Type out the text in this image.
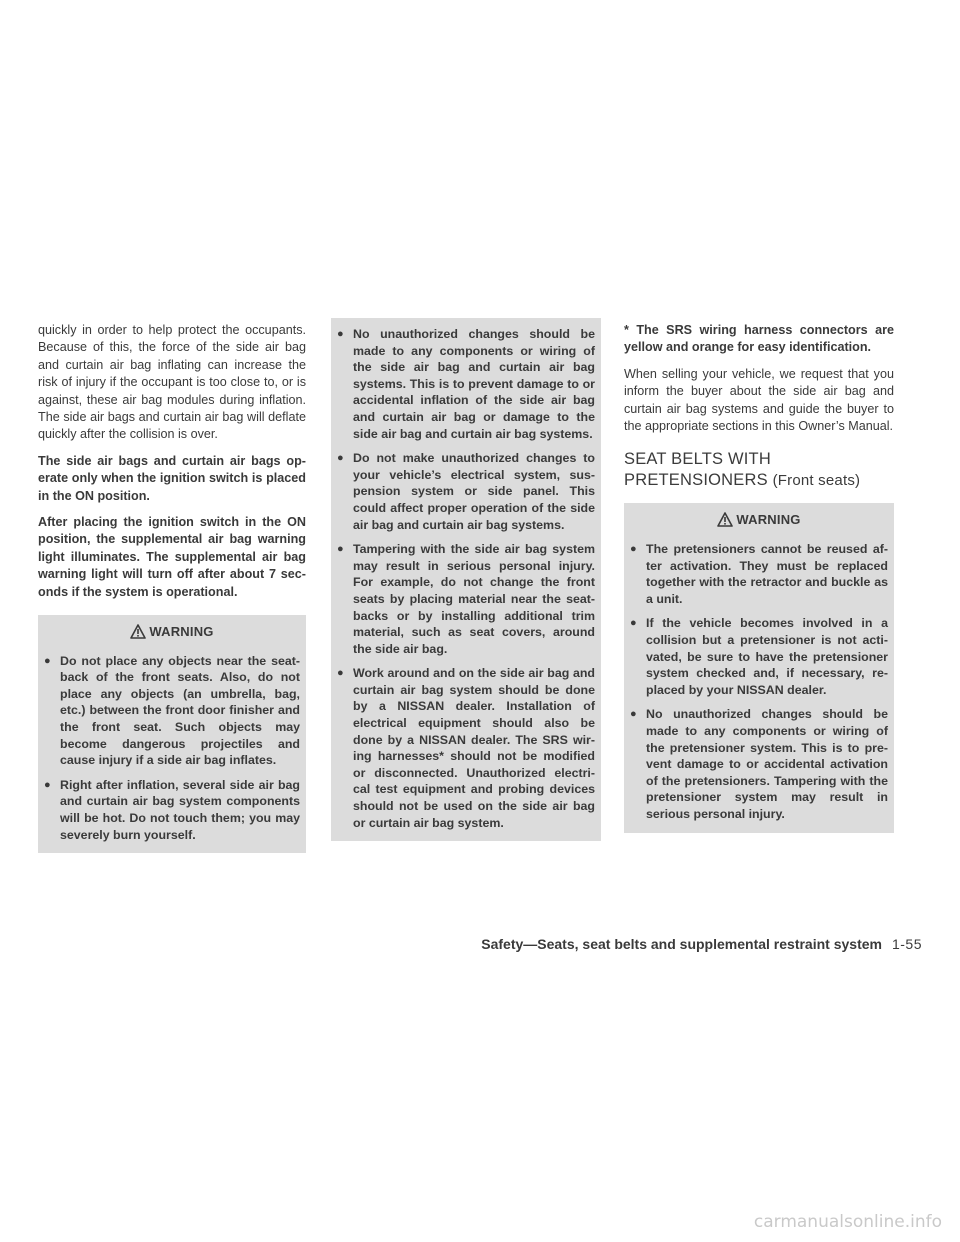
quickly in order to help protect the occupants. Because of this, the force of the side air bag and curtain air bag inflating can increase the risk of injury if the occupant is too close to, or is against, these air bag modules during inflation. The side air bags and curtain air bag will deflate quickly after the collision is over.

The side air bags and curtain air bags op-erate only when the ignition switch is placed in the ON position.

After placing the ignition switch in the ON position, the supplemental air bag warning light illuminates. The supplemental air bag warning light will turn off after about 7 sec-onds if the system is operational.

WARNING
● Do not place any objects near the seat-back of the front seats. Also, do not place any objects (an umbrella, bag, etc.) between the front door finisher and the front seat. Such objects may become dangerous projectiles and cause injury if a side air bag inflates.
● Right after inflation, several side air bag and curtain air bag system components will be hot. Do not touch them; you may severely burn yourself.
● No unauthorized changes should be made to any components or wiring of the side air bag and curtain air bag systems. This is to prevent damage to or accidental inflation of the side air bag and curtain air bag or damage to the side air bag and curtain air bag systems.
● Do not make unauthorized changes to your vehicle’s electrical system, sus-pension system or side panel. This could affect proper operation of the side air bag and curtain air bag systems.
● Tampering with the side air bag system may result in serious personal injury. For example, do not change the front seats by placing material near the seat-backs or by installing additional trim material, such as seat covers, around the side air bag.
● Work around and on the side air bag and curtain air bag system should be done by a NISSAN dealer. Installation of electrical equipment should also be done by a NISSAN dealer. The SRS wir-ing harnesses* should not be modified or disconnected. Unauthorized electri-cal test equipment and probing devices should not be used on the side air bag or curtain air bag system.

* The SRS wiring harness connectors are yellow and orange for easy identification.

When selling your vehicle, we request that you inform the buyer about the side air bag and curtain air bag systems and guide the buyer to the appropriate sections in this Owner’s Manual.

SEAT BELTS WITH
PRETENSIONERS (Front seats)
WARNING
● The pretensioners cannot be reused af-ter activation. They must be replaced together with the retractor and buckle as a unit.
● If the vehicle becomes involved in a collision but a pretensioner is not acti-vated, be sure to have the pretensioner system checked and, if necessary, re-placed by your NISSAN dealer.
● No unauthorized changes should be made to any components or wiring of the pretensioner system. This is to pre-vent damage to or accidental activation of the pretensioners. Tampering with the pretensioner system may result in serious personal injury.
Safety—Seats, seat belts and supplemental restraint system 1-55
carmanualsonline.info
